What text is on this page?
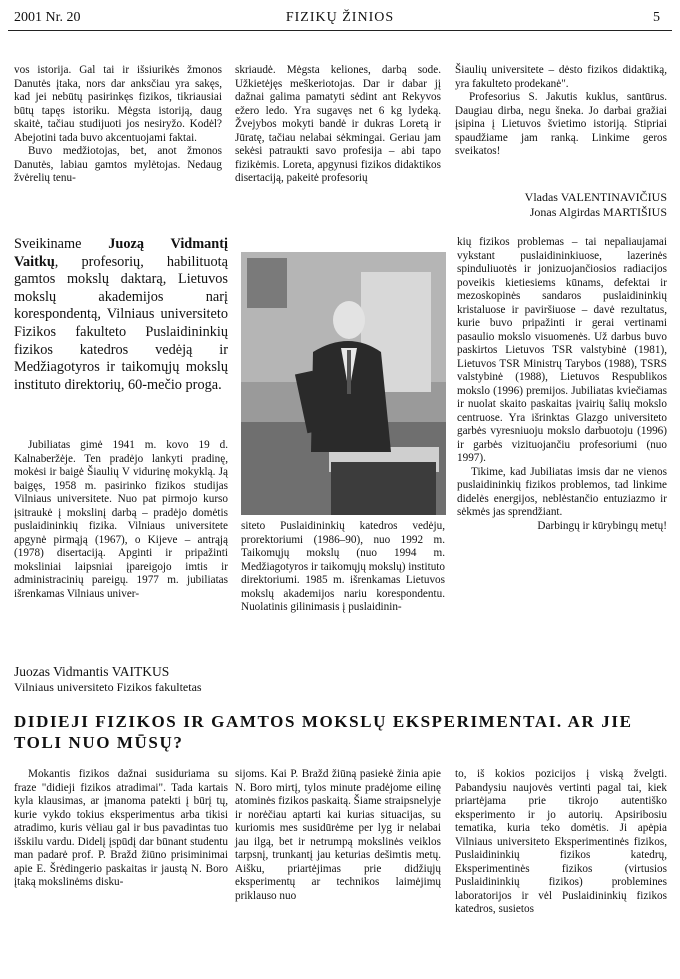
2001 Nr. 20	FIZIKŲ ŽINIOS	5

vos istorija. Gal tai ir išsiurikės žmonos Danutės įtaka, nors dar anksčiau yra sakęs, kad jei nebūtų pasirinkęs fizikos, tikriausiai būtų tapęs istoriku. Mėgsta istoriją, daug skaitė, tačiau studijuoti jos nesiryžo. Kodėl? Abejotini tada buvo akcentuojami faktai.

Buvo medžiotojas, bet, anot žmonos Danutės, labiau gamtos mylėtojas. Nedaug žvėrelių tenu-

skriaudė. Mėgsta keliones, darbą sode. Užkietėjęs meškeriotojas. Dar ir dabar jį dažnai galima pamatyti sėdint ant Rekyvos ežero ledo. Yra sugavęs net 6 kg lydeką. Žvejybos mokyti bandė ir dukras Loretą ir Jūratę, tačiau nelabai sėkmingai. Geriau jam sekėsi patraukti savo profesija – abi tapo fizikėmis. Loreta, apgynusi fizikos didaktikos disertaciją, pakeitė profesorių

Šiaulių universitete – dėsto fizikos didaktiką, yra fakulteto prodekanė".

Profesorius S. Jakutis kuklus, santūrus. Daugiau dirba, negu šneka. Jo darbai gražiai įsipina į Lietuvos švietimo istoriją. Stipriai spaudžiame jam ranką. Linkime geros sveikatos!

Vladas VALENTINAVIČIUS
Jonas Algirdas MARTIŠIUS
Sveikiname Juozą Vidmantį Vaitkų, profesorių, habilituotą gamtos mokslų daktarą, Lietuvos mokslų akademijos narį korespondentą, Vilniaus universiteto Fizikos fakulteto Puslaidininkių fizikos katedros vedėją ir Medžiagotyros ir taikomųjų mokslų instituto direktorių, 60-mečio proga.

Jubiliatas gimė 1941 m. kovo 19 d. Kalnaberžėje. Ten pradėjo lankyti pradinę, mokėsi ir baigė Šiaulių V vidurinę mokyklą. Ją baigęs, 1958 m. pasirinko fizikos studijas Vilniaus universitete. Nuo pat pirmojo kurso įsitraukė į mokslinį darbą – pradėjo domėtis puslaidininkių fizika. Vilniaus universitete apgynė pirmąją (1967), o Kijeve – antrąją (1978) disertaciją. Apginti ir pripažinti moksliniai laipsniai įpareigojo imtis ir administracinių pareigų. 1977 m. jubiliatas išrenkamas Vilniaus univer-

siteto Puslaidininkių katedros vedėju, prorektoriumi (1986–90), nuo 1992 m. Taikomųjų mokslų (nuo 1994 m. Medžiagotyros ir taikomųjų mokslų) instituto direktoriumi. 1985 m. išrenkamas Lietuvos mokslų akademijos nariu korespondentu. Nuolatinis gilinimasis į puslaidinin-

kių fizikos problemas – tai nepaliaujamai vykstant puslaidininkiuose, lazerinės spinduliuotės ir jonizuojančiosios radiacijos poveikis kietiesiems kūnams, defektai ir mezoskopinės sandaros puslaidininkių kristaluose ir paviršiuose – davė rezultatus, kurie buvo pripažinti ir gerai vertinami pasaulio mokslo visuomenės. Už darbus buvo paskirtos Lietuvos TSR valstybinė (1981), Lietuvos TSR Ministrų Tarybos (1988), TSRS valstybinė (1988), Lietuvos Respublikos mokslo (1996) premijos. Jubiliatas kviečiamas ir nuolat skaito paskaitas įvairių šalių mokslo centruose. Yra išrinktas Glazgo universiteto garbės vyresniuoju mokslo darbuotoju (1996) ir garbės vizituojančiu profesoriumi (nuo 1997).

Tikime, kad Jubiliatas imsis dar ne vienos puslaidininkių fizikos problemos, tad linkime didelės energijos, neblėstančio entuziazmo ir sėkmės jas sprendžiant.

Darbingų ir kūrybingų metų!

Juozas Vidmantis VAITKUS
Vilniaus universiteto Fizikos fakultetas
DIDIEJI FIZIKOS IR GAMTOS MOKSLŲ EKSPERIMENTAI. AR JIE
TOLI NUO MŪSŲ?

Mokantis fizikos dažnai susiduriama su fraze "didieji fizikos atradimai". Tada kartais kyla klausimas, ar įmanoma patekti į būrį tų, kurie vykdo tokius eksperimentus arba tikisi atradimo, kuris vėliau gal ir bus pavadintas tuo išskilu vardu. Didelį įspūdį dar būnant studentu man padarė prof. P. Bražd žiūno prisiminimai apie E. Šrėdingerio paskaitas ir jaustą N. Boro įtaką mokslinėms disku-

sijoms. Kai P. Bražd žiūną pasiekė žinia apie N. Boro mirtį, tylos minute pradėjome eilinę atominės fizikos paskaitą. Šiame straipsnelyje ir norėčiau aptarti kai kurias situacijas, su kuriomis mes susidūrėme per lyg ir nelabai jau ilgą, bet ir netrumpą mokslinės veiklos tarpsnį, trunkantį jau keturias dešimtis metų. Aišku, priartėjimas prie didžiųjų eksperimentų ar technikos laimėjimų priklauso nuo

to, iš kokios pozicijos į viską žvelgti. Pabandysiu naujovės vertinti pagal tai, kiek priartėjama prie tikrojo autentiško eksperimento ir jo autorių. Apsiribosiu tematika, kuria teko domėtis. Ji apėpia Vilniaus universiteto Eksperimentinės fizikos, Puslaidininkių fizikos katedrų, Eksperimentinės fizikos (virtusios Puslaidininkių fizikos) problemines laboratorijos ir vėl Puslaidininkių fizikos katedros, susietos
